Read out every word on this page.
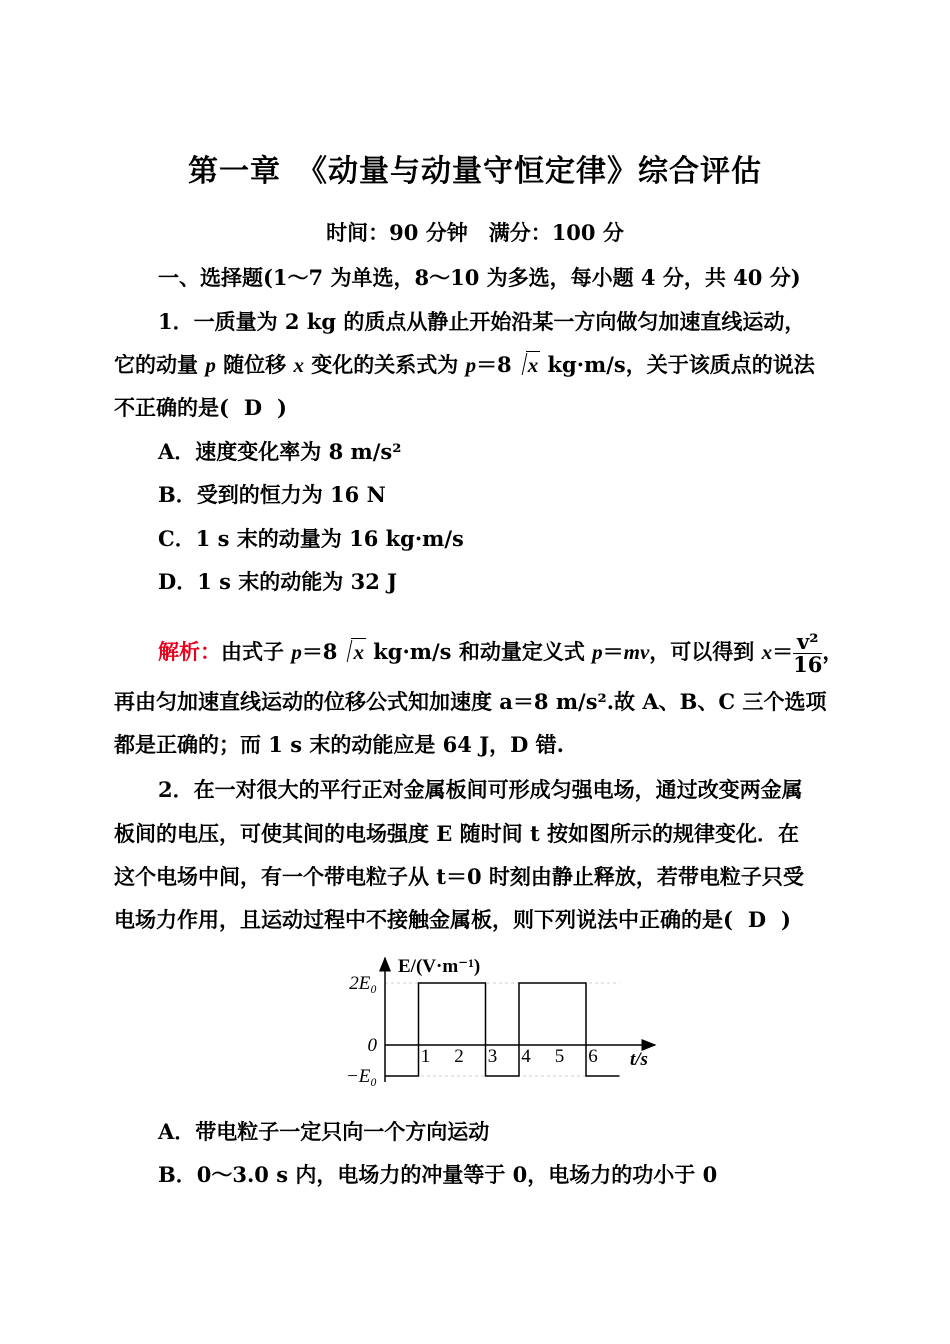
第一章　《动量与动量守恒定律》综合评估
时间：90 分钟　满分：100 分
一、选择题(1～7 为单选，8～10 为多选，每小题 4 分，共 40 分)
1．一质量为 2 kg 的质点从静止开始沿某一方向做匀加速直线运动，
它的动量 p 随位移 x 变化的关系式为 p＝8 x kg·m/s，关于该质点的说法
不正确的是( D )
A．速度变化率为 8 m/s²
B．受到的恒力为 16 N
C．1 s 末的动量为 16 kg·m/s
D．1 s 末的动能为 32 J
解析：由式子 p＝8 x kg·m/s 和动量定义式 p＝mv，可以得到 $x= \frac{\text{v²}}{16}$ ，
再由匀加速直线运动的位移公式知加速度 a＝8 m/s².故 A、B、C 三个选项
都是正确的；而 1 s 末的动能应是 64 J，D 错.
2．在一对很大的平行正对金属板间可形成匀强电场，通过改变两金属
板间的电压，可使其间的电场强度 E 随时间 t 按如图所示的规律变化．在
这个电场中间，有一个带电粒子从 t＝0 时刻由静止释放，若带电粒子只受
电场力作用，且运动过程中不接触金属板，则下列说法中正确的是( D )
E/(V·m⁻¹)
t/s
2E₀
0
−E₀
1 2 3 4 5 6
A．带电粒子一定只向一个方向运动
B．0～3.0 s 内，电场力的冲量等于 0，电场力的功小于 0
